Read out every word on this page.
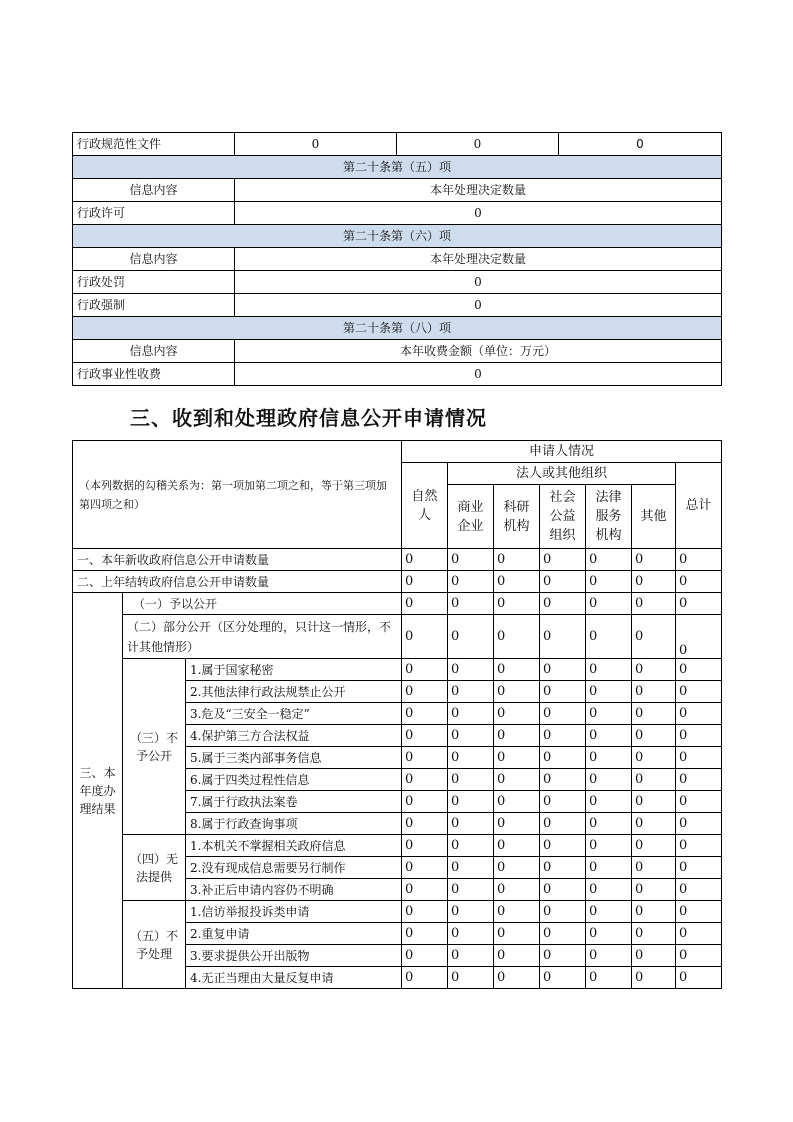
行政规范性文件	0	0	0
第二十条第（五）项			
信息内容	本年处理决定数量		
行政许可	0		
第二十条第（六）项			
信息内容	本年处理决定数量		
行政处罚	0		
行政强制	0		
第二十条第（八）项			
信息内容	本年收费金额（单位：万元）		
行政事业性收费	0		
三、收到和处理政府信息公开申请情况
（本列数据的勾稽关系为：第一项加第二项之和，等于第三项加第四项之和）			申请人情况						
			自然人	法人或其他组织					总计
				商业企业	科研机构	社会公益组织	法律服务机构	其他	
一、本年新收政府信息公开申请数量			0	0	0	0	0	0	0
二、上年结转政府信息公开申请数量			0	0	0	0	0	0	0
三、本年度办理结果	（一）予以公开		0	0	0	0	0	0	0
	（二）部分公开（区分处理的，只计这一情形，不计其他情形）		0	0	0	0	0	0	0
	（三）不予公开	1.属于国家秘密	0	0	0	0	0	0	0
		2.其他法律行政法规禁止公开	0	0	0	0	0	0	0
		3.危及“三安全一稳定”	0	0	0	0	0	0	0
		4.保护第三方合法权益	0	0	0	0	0	0	0
		5.属于三类内部事务信息	0	0	0	0	0	0	0
		6.属于四类过程性信息	0	0	0	0	0	0	0
		7.属于行政执法案卷	0	0	0	0	0	0	0
		8.属于行政查询事项	0	0	0	0	0	0	0
	（四）无法提供	1.本机关不掌握相关政府信息	0	0	0	0	0	0	0
		2.没有现成信息需要另行制作	0	0	0	0	0	0	0
		3.补正后申请内容仍不明确	0	0	0	0	0	0	0
	（五）不予处理	1.信访举报投诉类申请	0	0	0	0	0	0	0
		2.重复申请	0	0	0	0	0	0	0
		3.要求提供公开出版物	0	0	0	0	0	0	0
		4.无正当理由大量反复申请	0	0	0	0	0	0	0
